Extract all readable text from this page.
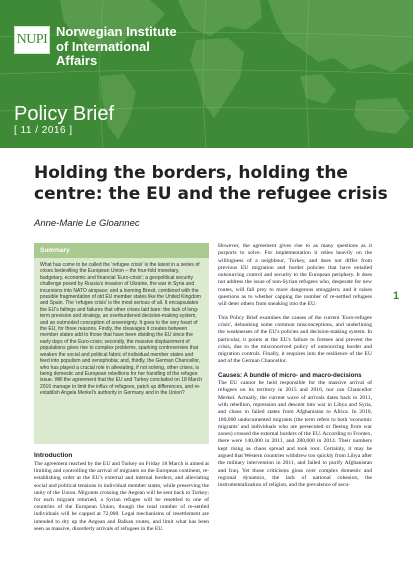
NUPI
Norwegian Institute
of International
Affairs
Policy Brief
[ 11 / 2016 ]
Holding the borders, holding the centre: the EU and the refugee crisis
Anne-Marie Le Gloannec
Summary
What has come to be called the 'refugee crisis' is the latest in a series of crises bedevilling the European Union – the four-fold monetary, budgetary, economic and financial 'Euro-crisis'; a geopolitical security challenge posed by Russia's invasion of Ukraine, the war in Syria and incursions into NATO airspace; and a looming Brexit, combined with the possible fragmentation of old EU member states like the United Kingdom and Spain. The 'refugee crisis' is the most serious of all. It encapsulates the EU's failings and failures that other crises laid bare: the lack of long-term prevision and strategy, an overburdened decision-making system, and an outmoded conception of sovereignty. It goes to the very heart of the EU, for three reasons. Firstly, the cleavages it creates between member states add to those that have been dividing the EU since the early days of the Euro-crisis; secondly, the massive displacement of populations gives rise to complex problems, sparking controversies that weaken the social and political fabric of individual member states and feed into populism and xenophobia; and, thirdly, the German Chancellor, who has played a crucial role in alleviating, if not solving, other crises, is being domestic and European rebellions for her handling of the refugee issue. Will the agreement that the EU and Turkey concluded on 18 March 2016 manage to limit the influx of refugees, patch up differences, and re-establish Angela Merkel's authority in Germany and in the Union?
Introduction
The agreement reached by the EU and Turkey on Friday 18 March is aimed at limiting and controlling the arrival of migrants on the European continent, re-establishing order at the EU's external and internal borders, and alleviating social and political tensions in individual member states, while preserving the unity of the Union. Migrants crossing the Aegean will be sent back to Turkey; for each migrant returned, a Syrian refugee will be resettled to one of countries of the European Union, though the total number of re-settled individuals will be capped at 72,000. Legal mechanisms of resettlement are intended to dry up the Aegean and Balkan routes, and limit what has been seen as massive, disorderly arrivals of refugees in the EU.

However, the agreement gives rise to as many questions as it purports to solve. For implementation it relies heavily on the willingness of a neighbour, Turkey, and does not differ from previous EU migration and border policies that have entailed outsourcing control and security to the European periphery. It does not address the issue of non-Syrian refugees who, desperate for new routes, will fall prey to more dangerous smugglers; and it raises questions as to whether capping the number of re-settled refugees will deter others from sneaking into the EU.

This Policy Brief examines the causes of the current 'Euro-refugee crisis', debunking some common misconceptions, and underlining the weaknesses of the EU's policies and decision-making system. In particular, it points at the EU's failure to foresee and prevent the crisis, due to the misconceived policy of outsourcing border and migration controls. Finally, it enquires into the resilience of the EU and of the German Chancellor.

Causes: A bundle of micro- and macro-decisions

The EU cannot be held responsible for the massive arrival of refugees on its territory in 2015 and 2016, nor can Chancellor Merkel. Actually, the current wave of arrivals dates back to 2011, with rebellion, repression and descent into war in Libya and Syria, and chaos in failed states from Afghanistan to Africa. In 2010, 100,000 undocumented migrants (the term refers to both 'economic migrants' and individuals who are persecuted or fleeing from war zones) crossed the external borders of the EU. According to Frontex, there were 140,000 in 2011, and 280,000 in 2014. Their numbers kept rising as chaos spread and took root. Certainly, it may be argued that Western countries withdrew too quickly from Libya after the military intervention in 2011, and failed to purify Afghanistan and Iraq. Yet those criticisms gloss over complex domestic and regional dynamics, the lack of national cohesion, the instrumentalization of religion, and the prevalence of secu-

1
